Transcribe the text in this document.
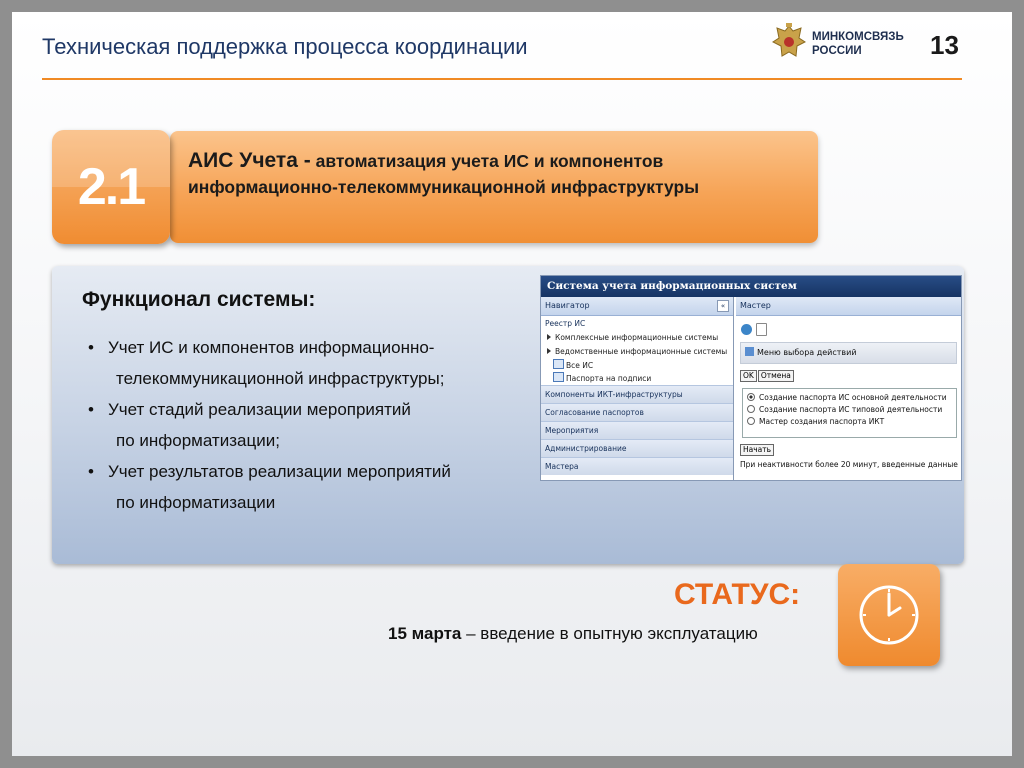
Техническая поддержка процесса координации	МИНКОМСВЯЗЬ
РОССИИ	13
2.1	АИС Учета - автоматизация учета ИС и компонентов информационно-телекоммуникационной инфраструктуры
Функционал системы:
• Учет ИС и компонентов информационно-
телекоммуникационной инфраструктуры;
• Учет стадий реализации мероприятий
по информатизации;
• Учет результатов реализации мероприятий
по информатизации
Система учета информационных систем
Навигатор	«
Реестр ИС
Комплексные информационные системы
Ведомственные информационные системы
Все ИС
Паспорта на подписи
Компоненты ИКТ-инфраструктуры
Согласование паспортов
Мероприятия
Администрирование
Мастера
Мастер
Меню выбора действий
OK Отмена
Создание паспорта ИС основной деятельности
Создание паспорта ИС типовой деятельности
Мастер создания паспорта ИКТ
Начать
При неактивности более 20 минут, введенные данные
СТАТУС:
15 марта – введение в опытную эксплуатацию
